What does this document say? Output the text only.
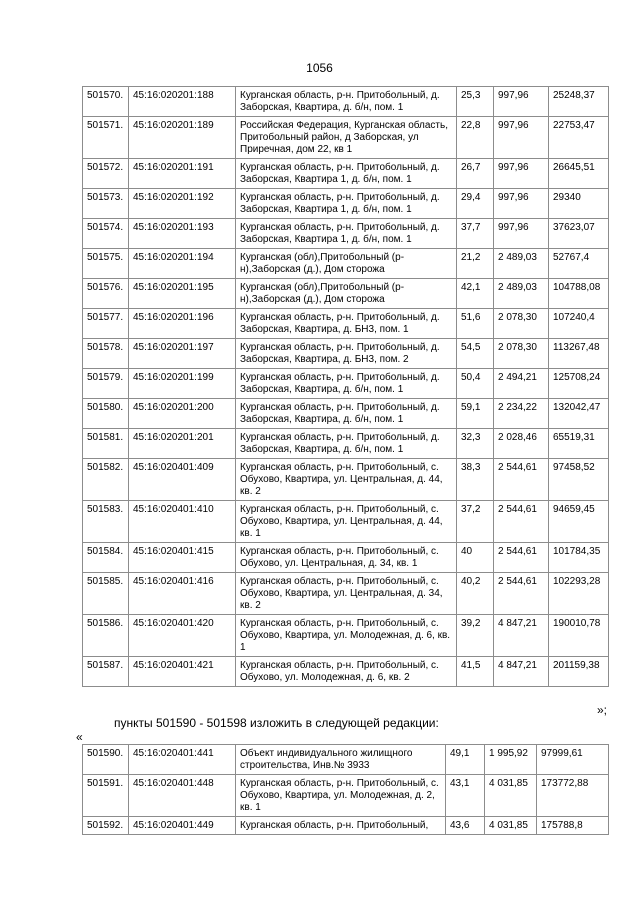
1056
501570.	45:16:020201:188	Курганская область, р-н. Притобольный, д. Заборская, Квартира, д. б/н, пом. 1	25,3	997,96	25248,37
501571.	45:16:020201:189	Российская Федерация, Курганская область, Притобольный район, д Заборская, ул Приречная, дом 22, кв 1	22,8	997,96	22753,47
501572.	45:16:020201:191	Курганская область, р-н. Притобольный, д. Заборская, Квартира 1, д. б/н, пом. 1	26,7	997,96	26645,51
501573.	45:16:020201:192	Курганская область, р-н. Притобольный, д. Заборская, Квартира 1, д. б/н, пом. 1	29,4	997,96	29340
501574.	45:16:020201:193	Курганская область, р-н. Притобольный, д. Заборская, Квартира 1, д. б/н, пом. 1	37,7	997,96	37623,07
501575.	45:16:020201:194	Курганская (обл),Притобольный (р-н),Заборская (д.), Дом сторожа	21,2	2 489,03	52767,4
501576.	45:16:020201:195	Курганская (обл),Притобольный (р-н),Заборская (д.), Дом сторожа	42,1	2 489,03	104788,08
501577.	45:16:020201:196	Курганская область, р-н. Притобольный, д. Заборская, Квартира, д. БН3, пом. 1	51,6	2 078,30	107240,4
501578.	45:16:020201:197	Курганская область, р-н. Притобольный, д. Заборская, Квартира, д. БН3, пом. 2	54,5	2 078,30	113267,48
501579.	45:16:020201:199	Курганская область, р-н. Притобольный, д. Заборская, Квартира, д. б/н, пом. 1	50,4	2 494,21	125708,24
501580.	45:16:020201:200	Курганская область, р-н. Притобольный, д. Заборская, Квартира, д. б/н, пом. 1	59,1	2 234,22	132042,47
501581.	45:16:020201:201	Курганская область, р-н. Притобольный, д. Заборская, Квартира, д. б/н, пом. 1	32,3	2 028,46	65519,31
501582.	45:16:020401:409	Курганская область, р-н. Притобольный, с. Обухово, Квартира, ул. Центральная, д. 44, кв. 2	38,3	2 544,61	97458,52
501583.	45:16:020401:410	Курганская область, р-н. Притобольный, с. Обухово, Квартира, ул. Центральная, д. 44, кв. 1	37,2	2 544,61	94659,45
501584.	45:16:020401:415	Курганская область, р-н. Притобольный, с. Обухово, ул. Центральная, д. 34, кв. 1	40	2 544,61	101784,35
501585.	45:16:020401:416	Курганская область, р-н. Притобольный, с. Обухово, Квартира, ул. Центральная, д. 34, кв. 2	40,2	2 544,61	102293,28
501586.	45:16:020401:420	Курганская область, р-н. Притобольный, с. Обухово, Квартира, ул. Молодежная, д. 6, кв. 1	39,2	4 847,21	190010,78
501587.	45:16:020401:421	Курганская область, р-н. Притобольный, с. Обухово, ул. Молодежная, д. 6, кв. 2	41,5	4 847,21	201159,38
»;
пункты 501590 - 501598 изложить в следующей редакции:
«
501590.	45:16:020401:441	Объект индивидуального жилищного строительства, Инв.№ 3933	49,1	1 995,92	97999,61
501591.	45:16:020401:448	Курганская область, р-н. Притобольный, с. Обухово, Квартира, ул. Молодежная, д. 2, кв. 1	43,1	4 031,85	173772,88
501592.	45:16:020401:449	Курганская область, р-н. Притобольный,	43,6	4 031,85	175788,8
